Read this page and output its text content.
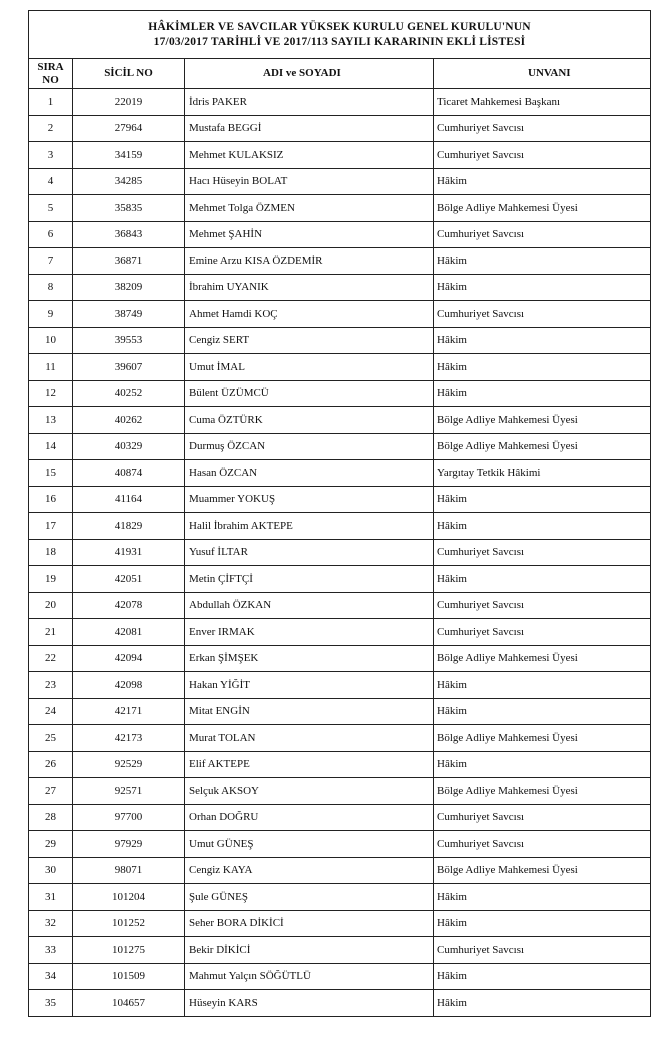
HÂKİMLER VE SAVCILAR YÜKSEK KURULU GENEL KURULU'NUN
17/03/2017 TARİHLİ VE 2017/113 SAYILI KARARININ EKLİ LİSTESİ			

SIRA
NO	SİCİL NO	ADI ve SOYADI	UNVANI
1	22019	İdris PAKER	Ticaret Mahkemesi Başkanı
2	27964	Mustafa BEGGİ	Cumhuriyet Savcısı
3	34159	Mehmet KULAKSIZ	Cumhuriyet Savcısı
4	34285	Hacı Hüseyin BOLAT	Hâkim
5	35835	Mehmet Tolga ÖZMEN	Bölge Adliye Mahkemesi Üyesi
6	36843	Mehmet ŞAHİN	Cumhuriyet Savcısı
7	36871	Emine Arzu KISA ÖZDEMİR	Hâkim
8	38209	İbrahim UYANIK	Hâkim
9	38749	Ahmet Hamdi KOÇ	Cumhuriyet Savcısı
10	39553	Cengiz SERT	Hâkim
11	39607	Umut İMAL	Hâkim
12	40252	Bülent ÜZÜMCÜ	Hâkim
13	40262	Cuma ÖZTÜRK	Bölge Adliye Mahkemesi Üyesi
14	40329	Durmuş ÖZCAN	Bölge Adliye Mahkemesi Üyesi
15	40874	Hasan ÖZCAN	Yargıtay Tetkik Hâkimi
16	41164	Muammer YOKUŞ	Hâkim
17	41829	Halil İbrahim AKTEPE	Hâkim
18	41931	Yusuf İLTAR	Cumhuriyet Savcısı
19	42051	Metin ÇİFTÇİ	Hâkim
20	42078	Abdullah ÖZKAN	Cumhuriyet Savcısı
21	42081	Enver IRMAK	Cumhuriyet Savcısı
22	42094	Erkan ŞİMŞEK	Bölge Adliye Mahkemesi Üyesi
23	42098	Hakan YİĞİT	Hâkim
24	42171	Mitat ENGİN	Hâkim
25	42173	Murat TOLAN	Bölge Adliye Mahkemesi Üyesi
26	92529	Elif AKTEPE	Hâkim
27	92571	Selçuk AKSOY	Bölge Adliye Mahkemesi Üyesi
28	97700	Orhan DOĞRU	Cumhuriyet Savcısı
29	97929	Umut GÜNEŞ	Cumhuriyet Savcısı
30	98071	Cengiz KAYA	Bölge Adliye Mahkemesi Üyesi
31	101204	Şule GÜNEŞ	Hâkim
32	101252	Seher BORA DİKİCİ	Hâkim
33	101275	Bekir DİKİCİ	Cumhuriyet Savcısı
34	101509	Mahmut Yalçın SÖĞÜTLÜ	Hâkim
35	104657	Hüseyin KARS	Hâkim
